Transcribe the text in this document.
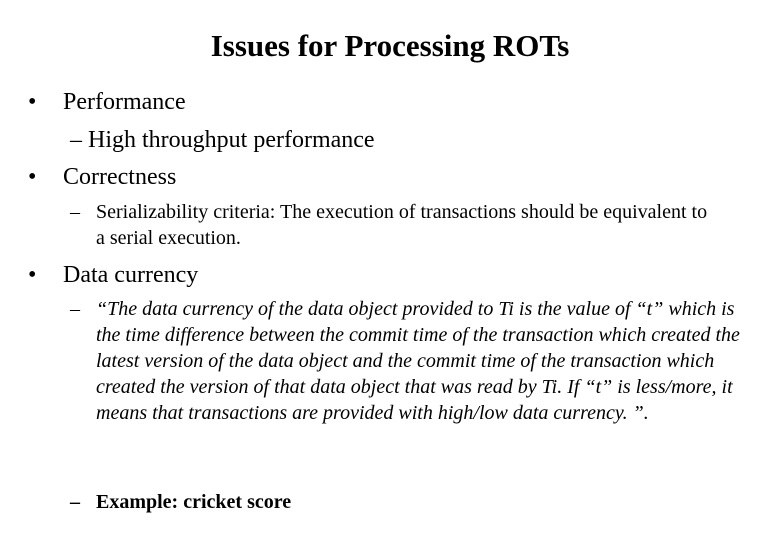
Issues for Processing ROTs
• Performance
– High throughput performance
• Correctness
– Serializability criteria: The execution of transactions should be equivalent to a serial execution.
• Data currency
– “The data currency of the data object provided to Ti is the value of “t” which is the time difference between the commit time of the transaction which created the latest version of the data object and the commit time of the transaction which created the version of that data object that was read by Ti. If “t” is less/more, it means that transactions are provided with high/low data currency. ”.
– Example: cricket score
